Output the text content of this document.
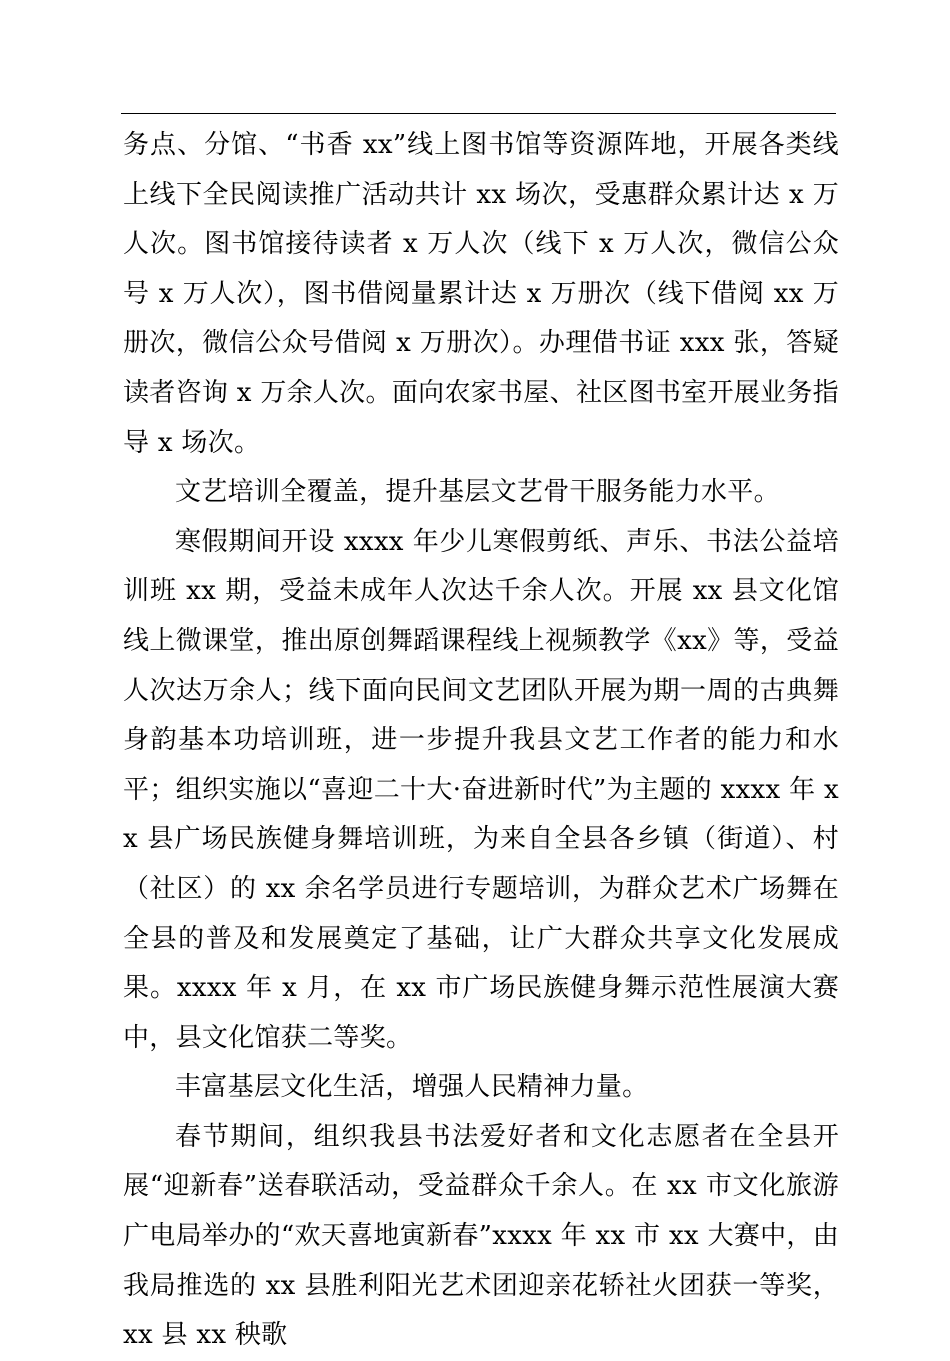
务点、分馆、“书香 xx”线上图书馆等资源阵地，开展各类线上线下全民阅读推广活动共计 xx 场次，受惠群众累计达 x 万人次。图书馆接待读者 x 万人次（线下 x 万人次，微信公众号 x 万人次），图书借阅量累计达 x 万册次（线下借阅 xx 万册次，微信公众号借阅 x 万册次）。办理借书证 xxx 张，答疑读者咨询 x 万余人次。面向农家书屋、社区图书室开展业务指导 x 场次。

文艺培训全覆盖，提升基层文艺骨干服务能力水平。

寒假期间开设 xxxx 年少儿寒假剪纸、声乐、书法公益培训班 xx 期，受益未成年人次达千余人次。开展 xx 县文化馆线上微课堂，推出原创舞蹈课程线上视频教学《xx》等，受益人次达万余人；线下面向民间文艺团队开展为期一周的古典舞身韵基本功培训班，进一步提升我县文艺工作者的能力和水平；组织实施以“喜迎二十大·奋进新时代”为主题的 xxxx 年 xx 县广场民族健身舞培训班，为来自全县各乡镇（街道）、村（社区）的 xx 余名学员进行专题培训，为群众艺术广场舞在全县的普及和发展奠定了基础，让广大群众共享文化发展成果。xxxx 年 x 月，在 xx 市广场民族健身舞示范性展演大赛中，县文化馆获二等奖。

丰富基层文化生活，增强人民精神力量。

春节期间，组织我县书法爱好者和文化志愿者在全县开展“迎新春”送春联活动，受益群众千余人。在 xx 市文化旅游广电局举办的“欢天喜地寅新春”xxxx 年 xx 市 xx 大赛中，由我局推选的 xx 县胜利阳光艺术团迎亲花轿社火团获一等奖，xx 县 xx 秧歌
